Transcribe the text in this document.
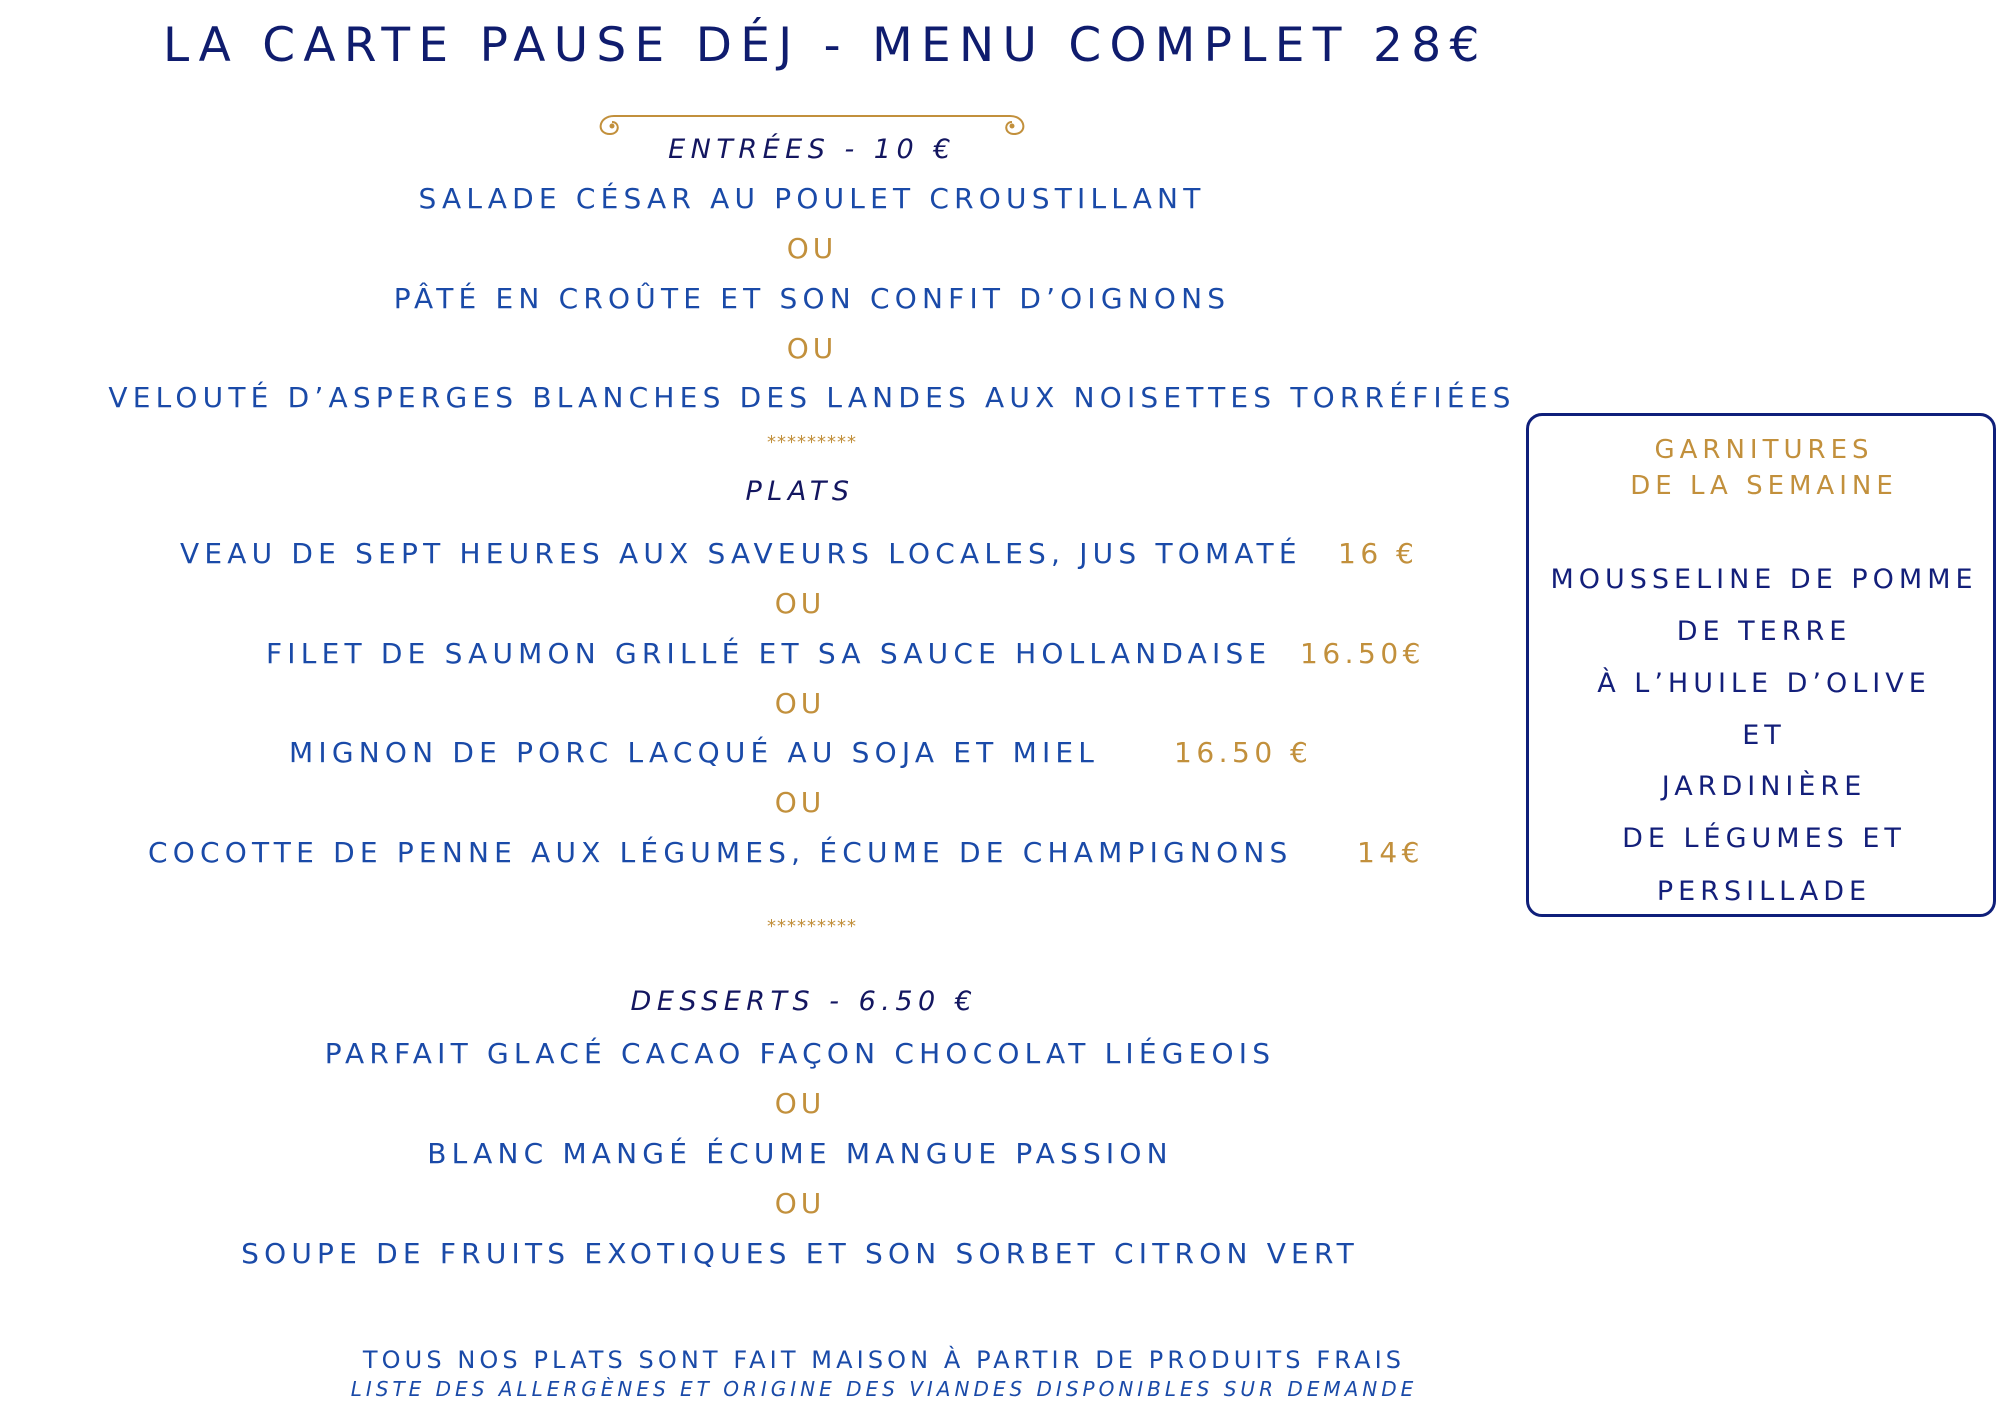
LA CARTE PAUSE DÉJ - MENU COMPLET 28€
ENTRÉES - 10 €
SALADE CÉSAR AU POULET CROUSTILLANT
OU
PÂTÉ EN CROÛTE ET SON CONFIT D’OIGNONS
OU
VELOUTÉ D’ASPERGES BLANCHES DES LANDES AUX NOISETTES TORRÉFIÉES
*********
PLATS
VEAU DE SEPT HEURES AUX SAVEURS LOCALES, JUS TOMATÉ 16 €
OU
FILET DE SAUMON GRILLÉ ET SA SAUCE HOLLANDAISE 16.50€
OU
MIGNON DE PORC LACQUÉ AU SOJA ET MIEL	16.50 €
OU
COCOTTE DE PENNE AUX LÉGUMES, ÉCUME DE CHAMPIGNONS 14€
*********
DESSERTS - 6.50 €
PARFAIT GLACÉ CACAO FAÇON CHOCOLAT LIÉGEOIS
OU
BLANC MANGÉ ÉCUME MANGUE PASSION
OU
SOUPE DE FRUITS EXOTIQUES ET SON SORBET CITRON VERT
TOUS NOS PLATS SONT FAIT MAISON À PARTIR DE PRODUITS FRAIS
LISTE DES ALLERGÈNES ET ORIGINE DES VIANDES DISPONIBLES SUR DEMANDE
GARNITURES
DE LA SEMAINE
MOUSSELINE DE POMME
DE TERRE
À L’HUILE D’OLIVE
ET
JARDINIÈRE
DE LÉGUMES ET
PERSILLADE
